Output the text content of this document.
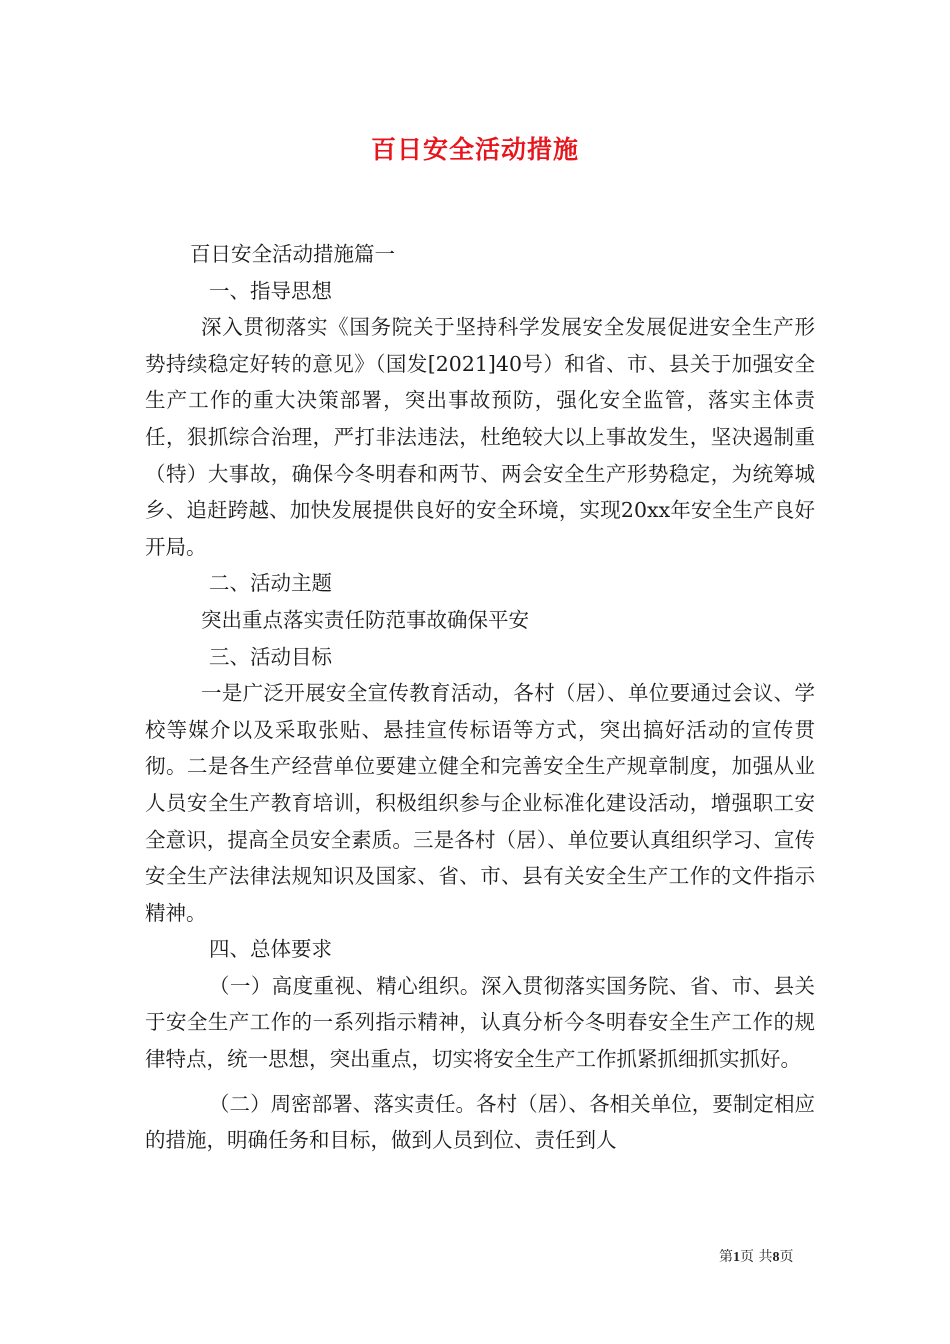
百日安全活动措施

百日安全活动措施篇一

一、指导思想

深入贯彻落实《国务院关于坚持科学发展安全发展促进安全生产形势持续稳定好转的意见》（国发[2021]40号）和省、市、县关于加强安全生产工作的重大决策部署，突出事故预防，强化安全监管，落实主体责任，狠抓综合治理，严打非法违法，杜绝较大以上事故发生，坚决遏制重（特）大事故，确保今冬明春和两节、两会安全生产形势稳定，为统筹城乡、追赶跨越、加快发展提供良好的安全环境，实现20xx年安全生产良好开局。

二、活动主题

突出重点落实责任防范事故确保平安

三、活动目标

一是广泛开展安全宣传教育活动，各村（居）、单位要通过会议、学校等媒介以及采取张贴、悬挂宣传标语等方式，突出搞好活动的宣传贯彻。二是各生产经营单位要建立健全和完善安全生产规章制度，加强从业人员安全生产教育培训，积极组织参与企业标准化建设活动，增强职工安全意识，提高全员安全素质。三是各村（居）、单位要认真组织学习、宣传安全生产法律法规知识及国家、省、市、县有关安全生产工作的文件指示精神。

四、总体要求

（一）高度重视、精心组织。深入贯彻落实国务院、省、市、县关于安全生产工作的一系列指示精神，认真分析今冬明春安全生产工作的规律特点，统一思想，突出重点，切实将安全生产工作抓紧抓细抓实抓好。

（二）周密部署、落实责任。各村（居）、各相关单位，要制定相应的措施，明确任务和目标，做到人员到位、责任到人

第1页 共8页
